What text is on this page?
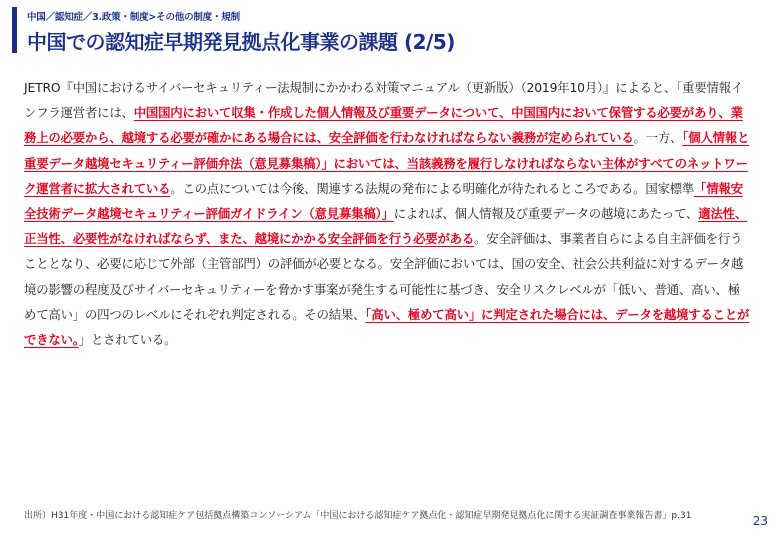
中国／認知症／3.政策・制度>その他の制度・規制
中国での認知症早期発見拠点化事業の課題 (2/5)

JETRO『中国におけるサイバーセキュリティー法規制にかかわる対策マニュアル（更新版）（2019年10月）』によると、「重要情報インフラ運営者には、中国国内において収集・作成した個人情報及び重要データについて、中国国内において保管する必要があり、業務上の必要から、越境する必要が確かにある場合には、安全評価を行わなければならない義務が定められている。一方、「個人情報と重要データ越境セキュリティー評価弁法（意見募集稿）」においては、当該義務を履行しなければならない主体がすべてのネットワーク運営者に拡大されている。この点については今後、関連する法規の発布による明確化が待たれるところである。国家標準「情報安全技術データ越境セキュリティー評価ガイドライン（意見募集稿）」によれば、個人情報及び重要データの越境にあたって、適法性、正当性、必要性がなければならず、また、越境にかかる安全評価を行う必要がある。安全評価は、事業者自らによる自主評価を行うこととなり、必要に応じて外部（主管部門）の評価が必要となる。安全評価においては、国の安全、社会公共利益に対するデータ越境の影響の程度及びサイバーセキュリティーを脅かす事案が発生する可能性に基づき、安全リスクレベルが「低い、普通、高い、極めて高い」の四つのレベルにそれぞれ判定される。その結果、「高い、極めて高い」に判定された場合には、データを越境することができない。」とされている。

出所）H31年度・中国における認知症ケア包括拠点構築コンソーシアム「中国における認知症ケア拠点化・認知症早期発見拠点化に関する実証調査事業報告書」p.31	23
